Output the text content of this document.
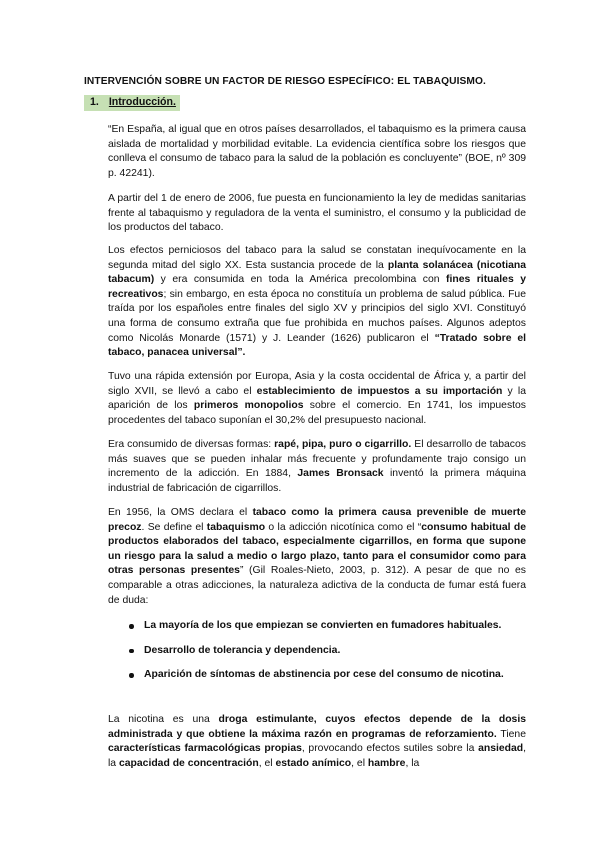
INTERVENCIÓN SOBRE UN FACTOR DE RIESGO ESPECÍFICO: EL TABAQUISMO.
1. Introducción.

“En España, al igual que en otros países desarrollados, el tabaquismo es la primera causa aislada de mortalidad y morbilidad evitable. La evidencia científica sobre los riesgos que conlleva el consumo de tabaco para la salud de la población es concluyente” (BOE, nº 309 p. 42241).

A partir del 1 de enero de 2006, fue puesta en funcionamiento la ley de medidas sanitarias frente al tabaquismo y reguladora de la venta el suministro, el consumo y la publicidad de los productos del tabaco.

Los efectos perniciosos del tabaco para la salud se constatan inequívocamente en la segunda mitad del siglo XX. Esta sustancia procede de la planta solanácea (nicotiana tabacum) y era consumida en toda la América precolombina con fines rituales y recreativos; sin embargo, en esta época no constituía un problema de salud pública. Fue traída por los españoles entre finales del siglo XV y principios del siglo XVI. Constituyó una forma de consumo extraña que fue prohibida en muchos países. Algunos adeptos como Nicolás Monarde (1571) y J. Leander (1626) publicaron el “Tratado sobre el tabaco, panacea universal”.

Tuvo una rápida extensión por Europa, Asia y la costa occidental de África y, a partir del siglo XVII, se llevó a cabo el establecimiento de impuestos a su importación y la aparición de los primeros monopolios sobre el comercio. En 1741, los impuestos procedentes del tabaco suponían el 30,2% del presupuesto nacional.

Era consumido de diversas formas: rapé, pipa, puro o cigarrillo. El desarrollo de tabacos más suaves que se pueden inhalar más frecuente y profundamente trajo consigo un incremento de la adicción. En 1884, James Bronsack inventó la primera máquina industrial de fabricación de cigarrillos.

En 1956, la OMS declara el tabaco como la primera causa prevenible de muerte precoz. Se define el tabaquismo o la adicción nicotínica como el “consumo habitual de productos elaborados del tabaco, especialmente cigarrillos, en forma que supone un riesgo para la salud a medio o largo plazo, tanto para el consumidor como para otras personas presentes” (Gil Roales-Nieto, 2003, p. 312). A pesar de que no es comparable a otras adicciones, la naturaleza adictiva de la conducta de fumar está fuera de duda:

La mayoría de los que empiezan se convierten en fumadores habituales.
Desarrollo de tolerancia y dependencia.
Aparición de síntomas de abstinencia por cese del consumo de nicotina.

La nicotina es una droga estimulante, cuyos efectos depende de la dosis administrada y que obtiene la máxima razón en programas de reforzamiento. Tiene características farmacológicas propias, provocando efectos sutiles sobre la ansiedad, la capacidad de concentración, el estado anímico, el hambre, la
